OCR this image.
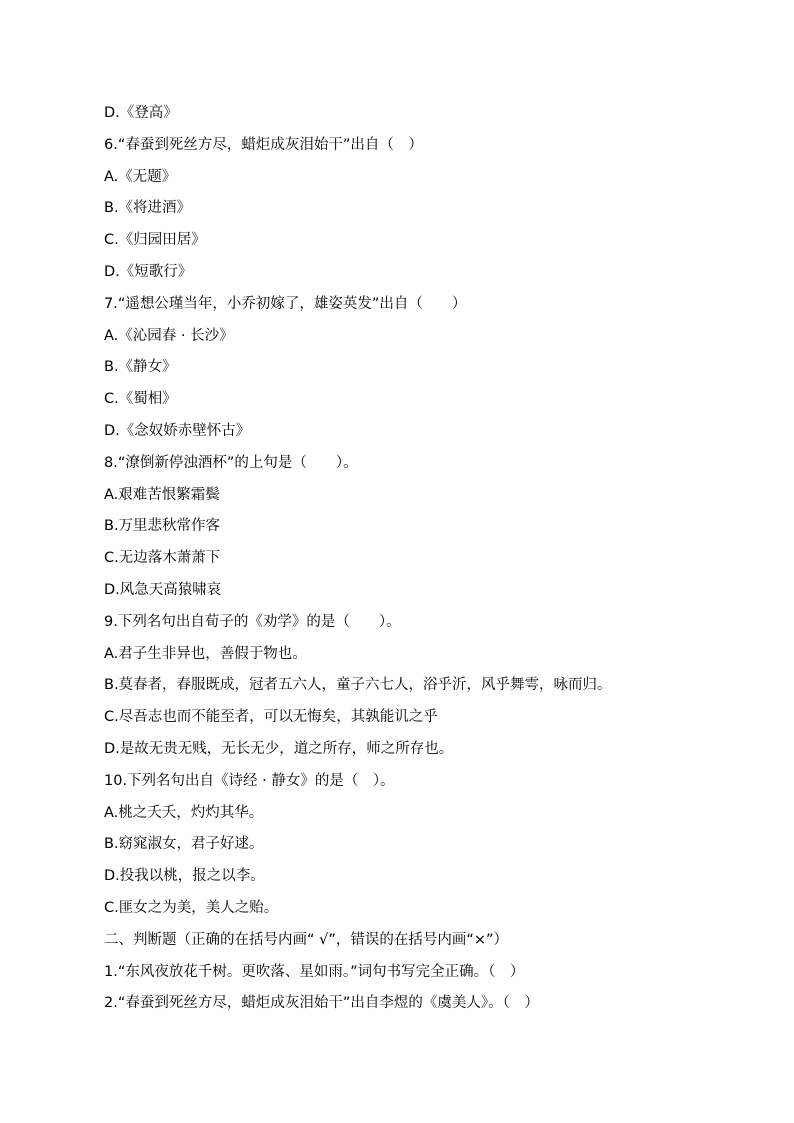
D.《登高》
6.“春蚕到死丝方尽，蜡炬成灰泪始干”出自（　）
A.《无题》
B.《将进酒》
C.《归园田居》
D.《短歌行》
7.“遥想公瑾当年，小乔初嫁了，雄姿英发”出自（　　）
A.《沁园春 · 长沙》
B.《静女》
C.《蜀相》
D.《念奴娇赤壁怀古》
8.“潦倒新停浊酒杯”的上句是（　　）。
A.艰难苦恨繁霜鬓
B.万里悲秋常作客
C.无边落木萧萧下
D.风急天高猿啸哀
9.下列名句出自荀子的《劝学》的是（　　）。
A.君子生非异也，善假于物也。
B.莫春者，春服既成，冠者五六人，童子六七人，浴乎沂，风乎舞雩，咏而归。
C.尽吾志也而不能至者，可以无悔矣，其孰能讥之乎
D.是故无贵无贱，无长无少，道之所存，师之所存也。
10.下列名句出自《诗经 · 静女》的是（　）。
A.桃之夭夭，灼灼其华。
B.窈窕淑女，君子好逑。
D.投我以桃，报之以李。
C.匪女之为美，美人之贻。
二、判断题（正确的在括号内画“ √”，错误的在括号内画“×”）
1.“东风夜放花千树。更吹落、星如雨。”词句书写完全正确。（　）
2.“春蚕到死丝方尽，蜡炬成灰泪始干”出自李煜的《虞美人》。（　）
